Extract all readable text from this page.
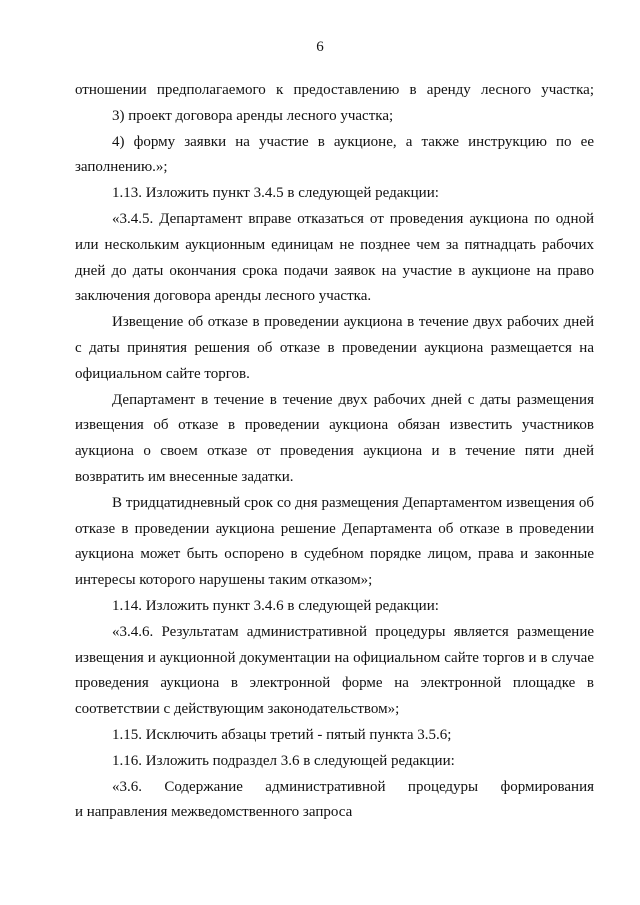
6
отношении предполагаемого к предоставлению в аренду лесного участка;
3) проект договора аренды лесного участка;
4) форму заявки на участие в аукционе, а также инструкцию по ее
заполнению.»;
1.13. Изложить пункт 3.4.5 в следующей редакции:
«3.4.5. Департамент вправе отказаться от проведения аукциона по одной
или нескольким аукционным единицам не позднее чем за пятнадцать рабочих
дней до даты окончания срока подачи заявок на участие в аукционе на право
заключения договора аренды лесного участка.
Извещение об отказе в проведении аукциона в течение двух рабочих дней
с даты принятия решения об отказе в проведении аукциона размещается на
официальном сайте торгов.
Департамент в течение в течение двух рабочих дней с даты размещения
извещения об отказе в проведении аукциона обязан известить участников
аукциона о своем отказе от проведения аукциона и в течение пяти дней
возвратить им внесенные задатки.
В тридцатидневный срок со дня размещения Департаментом извещения об
отказе в проведении аукциона решение Департамента об отказе в проведении
аукциона может быть оспорено в судебном порядке лицом, права и законные
интересы которого нарушены таким отказом»;
1.14. Изложить пункт 3.4.6 в следующей редакции:
«3.4.6. Результатам административной процедуры является размещение
извещения и аукционной документации на официальном сайте торгов и в случае
проведения аукциона в электронной форме на электронной площадке в
соответствии с действующим законодательством»;
1.15. Исключить абзацы третий - пятый пункта 3.5.6;
1.16. Изложить подраздел 3.6 в следующей редакции:
«3.6. Содержание административной процедуры формирования
и направления межведомственного запроса
